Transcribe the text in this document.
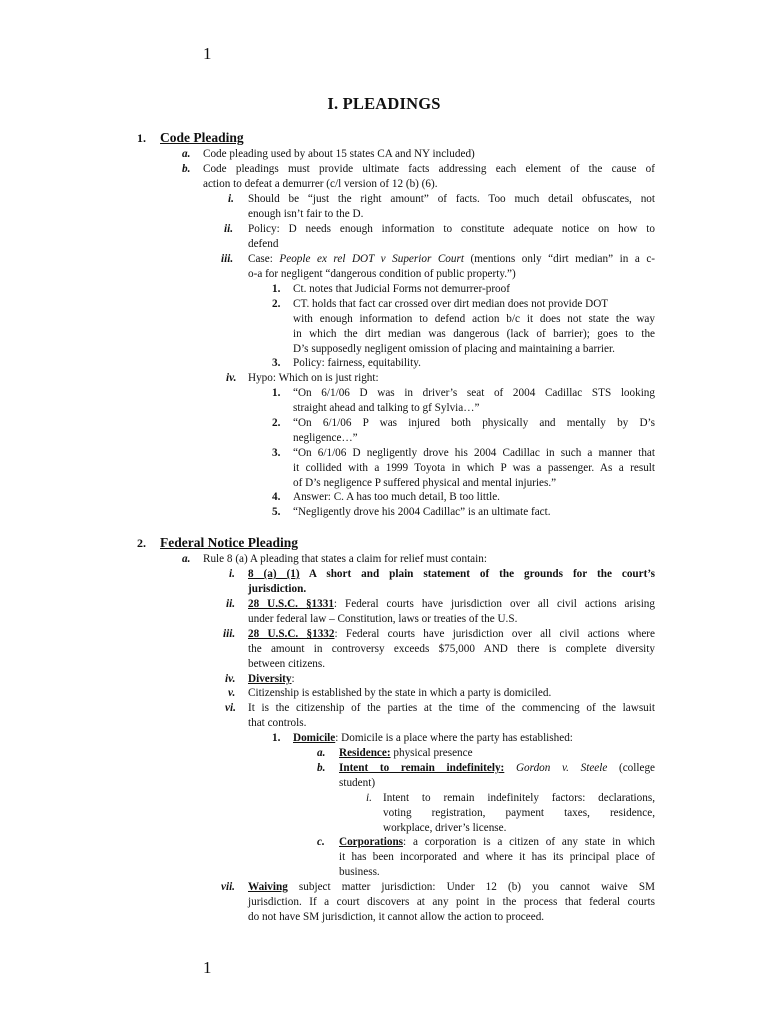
1
I. PLEADINGS
1. Code Pleading
a. Code pleading used by about 15 states CA and NY included)
b. Code pleadings must provide ultimate facts addressing each element of the cause of
action to defeat a demurrer (c/l version of 12 (b) (6).
i. Should be “just the right amount” of facts. Too much detail obfuscates, not
enough isn’t fair to the D.
ii. Policy: D needs enough information to constitute adequate notice on how to
defend
iii. Case: People ex rel DOT v Superior Court (mentions only “dirt median” in a c-
o-a for negligent “dangerous condition of public property.”)
1. Ct. notes that Judicial Forms not demurrer-proof
2. CT. holds that fact car crossed over dirt median does not provide DOT
with enough information to defend action b/c it does not state the way
in which the dirt median was dangerous (lack of barrier); goes to the
D’s supposedly negligent omission of placing and maintaining a barrier.
3. Policy: fairness, equitability.
iv. Hypo: Which on is just right:
1. “On 6/1/06 D was in driver’s seat of 2004 Cadillac STS looking
straight ahead and talking to gf Sylvia…”
2. “On 6/1/06 P was injured both physically and mentally by D’s
negligence…”
3. “On 6/1/06 D negligently drove his 2004 Cadillac in such a manner that
it collided with a 1999 Toyota in which P was a passenger. As a result
of D’s negligence P suffered physical and mental injuries.”
4. Answer: C. A has too much detail, B too little.
5. “Negligently drove his 2004 Cadillac” is an ultimate fact.
2. Federal Notice Pleading
a. Rule 8 (a) A pleading that states a claim for relief must contain:
i. 8 (a) (1) A short and plain statement of the grounds for the court’s
jurisdiction.
ii. 28 U.S.C. §1331: Federal courts have jurisdiction over all civil actions arising
under federal law – Constitution, laws or treaties of the U.S.
iii. 28 U.S.C. §1332: Federal courts have jurisdiction over all civil actions where
the amount in controversy exceeds $75,000 AND there is complete diversity
between citizens.
iv. Diversity:
v. Citizenship is established by the state in which a party is domiciled.
vi. It is the citizenship of the parties at the time of the commencing of the lawsuit
that controls.
1. Domicile: Domicile is a place where the party has established:
a. Residence: physical presence
b. Intent to remain indefinitely: Gordon v. Steele (college
student)
i. Intent to remain indefinitely factors: declarations,
voting registration, payment taxes, residence,
workplace, driver’s license.
c. Corporations: a corporation is a citizen of any state in which
it has been incorporated and where it has its principal place of
business.
vii. Waiving subject matter jurisdiction: Under 12 (b) you cannot waive SM
jurisdiction. If a court discovers at any point in the process that federal courts
do not have SM jurisdiction, it cannot allow the action to proceed.
1
